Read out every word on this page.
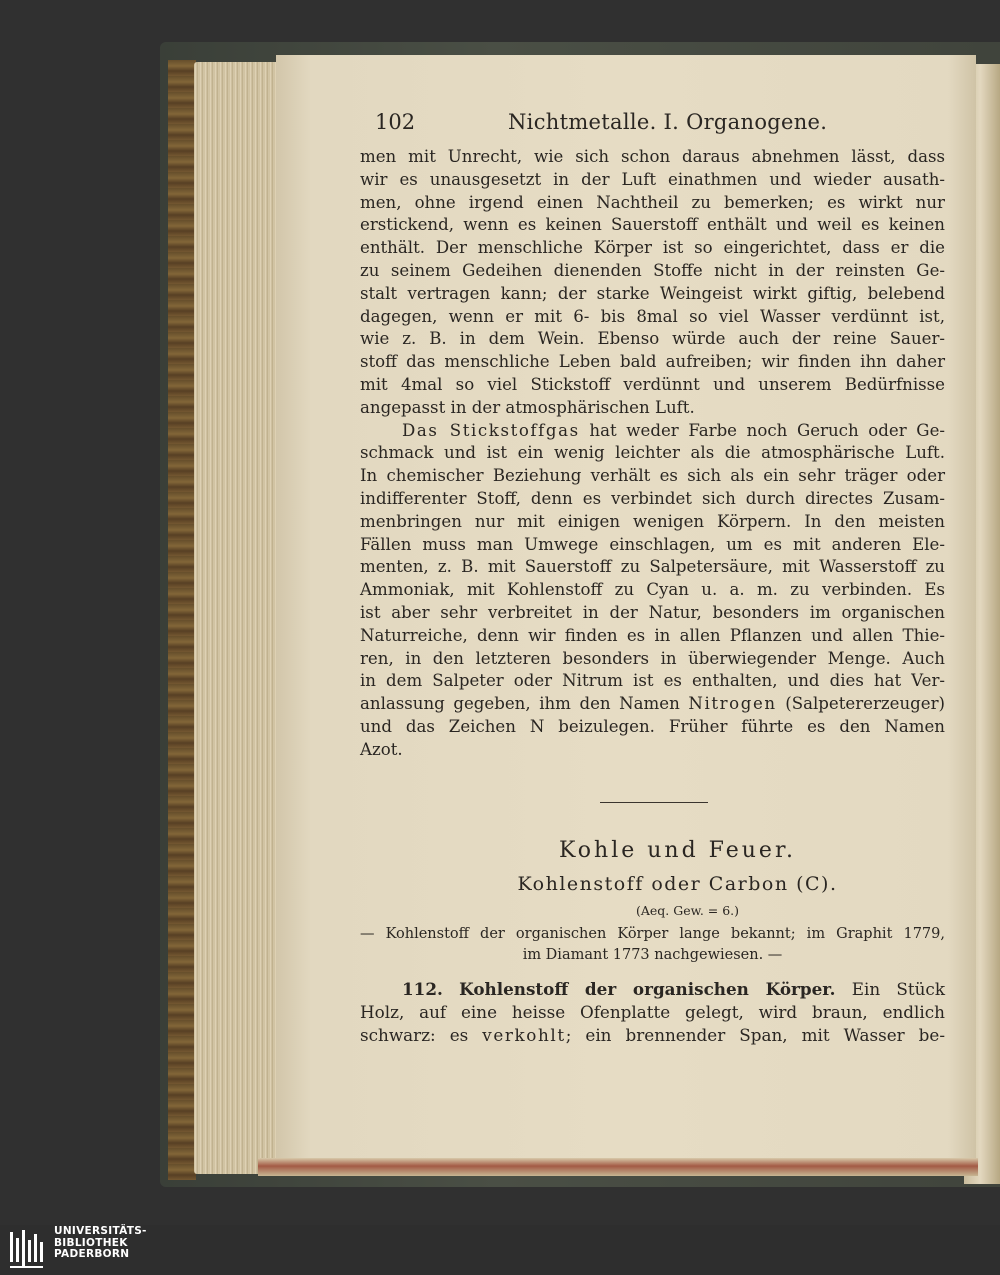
102	Nichtmetalle. I. Organogene.
men mit Unrecht, wie sich schon daraus abnehmen lässt, dass
wir es unausgesetzt in der Luft einathmen und wieder ausath-
men, ohne irgend einen Nachtheil zu bemerken; es wirkt nur
erstickend, wenn es keinen Sauerstoff enthält und weil es keinen
enthält. Der menschliche Körper ist so eingerichtet, dass er die
zu seinem Gedeihen dienenden Stoffe nicht in der reinsten Ge-
stalt vertragen kann; der starke Weingeist wirkt giftig, belebend
dagegen, wenn er mit 6- bis 8mal so viel Wasser verdünnt ist,
wie z. B. in dem Wein. Ebenso würde auch der reine Sauer-
stoff das menschliche Leben bald aufreiben; wir finden ihn daher
mit 4mal so viel Stickstoff verdünnt und unserem Bedürfnisse
angepasst in der atmosphärischen Luft.
Das Stickstoffgas hat weder Farbe noch Geruch oder Ge-
schmack und ist ein wenig leichter als die atmosphärische Luft.
In chemischer Beziehung verhält es sich als ein sehr träger oder
indifferenter Stoff, denn es verbindet sich durch directes Zusam-
menbringen nur mit einigen wenigen Körpern. In den meisten
Fällen muss man Umwege einschlagen, um es mit anderen Ele-
menten, z. B. mit Sauerstoff zu Salpetersäure, mit Wasserstoff zu
Ammoniak, mit Kohlenstoff zu Cyan u. a. m. zu verbinden. Es
ist aber sehr verbreitet in der Natur, besonders im organischen
Naturreiche, denn wir finden es in allen Pflanzen und allen Thie-
ren, in den letzteren besonders in überwiegender Menge. Auch
in dem Salpeter oder Nitrum ist es enthalten, und dies hat Ver-
anlassung gegeben, ihm den Namen Nitrogen (Salpetererzeuger)
und das Zeichen N beizulegen. Früher führte es den Namen
Azot.
Kohle und Feuer.
Kohlenstoff oder Carbon (C).
(Aeq. Gew. = 6.)
— Kohlenstoff der organischen Körper lange bekannt; im Graphit 1779,
im Diamant 1773 nachgewiesen. —
112. Kohlenstoff der organischen Körper. Ein Stück
Holz, auf eine heisse Ofenplatte gelegt, wird braun, endlich
schwarz: es verkohlt; ein brennender Span, mit Wasser be-
UNIVERSITÄTS-
BIBLIOTHEK
PADERBORN
